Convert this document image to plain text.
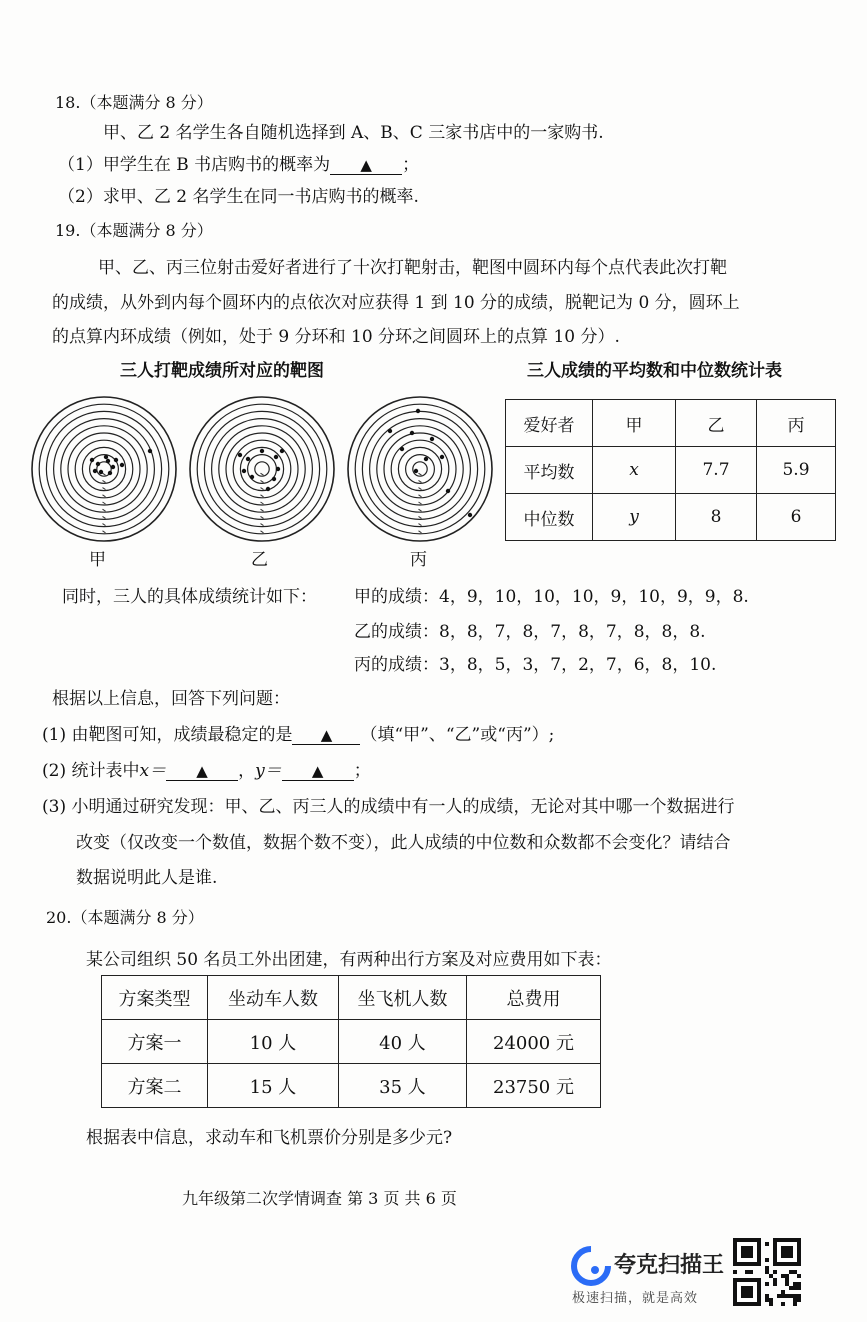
18.（本题满分 8 分）
甲、乙 2 名学生各自随机选择到 A、B、C 三家书店中的一家购书.
（1）甲学生在 B 书店购书的概率为 ▲ ；
（2）求甲、乙 2 名学生在同一书店购书的概率.
19.（本题满分 8 分）
甲、乙、丙三位射击爱好者进行了十次打靶射击，靶图中圆环内每个点代表此次打靶
的成绩，从外到内每个圆环内的点依次对应获得 1 到 10 分的成绩，脱靶记为 0 分，圆环上
的点算内环成绩（例如，处于 9 分环和 10 分环之间圆环上的点算 10 分）.
三人打靶成绩所对应的靶图	三人成绩的平均数和中位数统计表
甲	乙	丙
爱好者	甲	乙	丙
平均数	x	7.7	5.9
中位数	y	8	6
同时，三人的具体成绩统计如下： 甲的成绩：4，9，10，10，10，9，10，9，9，8.
乙的成绩：8，8，7，8，7，8，7，8，8，8.
丙的成绩：3，8，5，3，7，2，7，6，8，10.
根据以上信息，回答下列问题：
(1) 由靶图可知，成绩最稳定的是 ▲ （填“甲”、“乙”或“丙”）;
(2) 统计表中x＝ ▲ ，y＝ ▲ ；
(3) 小明通过研究发现：甲、乙、丙三人的成绩中有一人的成绩，无论对其中哪一个数据进行
改变（仅改变一个数值，数据个数不变），此人成绩的中位数和众数都不会变化？请结合
数据说明此人是谁.
20.（本题满分 8 分）
某公司组织 50 名员工外出团建，有两种出行方案及对应费用如下表：
方案类型	坐动车人数	坐飞机人数	总费用
方案一	10 人	40 人	24000 元
方案二	15 人	35 人	23750 元
根据表中信息，求动车和飞机票价分别是多少元?
九年级第二次学情调查 第 3 页 共 6 页
夸克扫描王
极速扫描，就是高效
